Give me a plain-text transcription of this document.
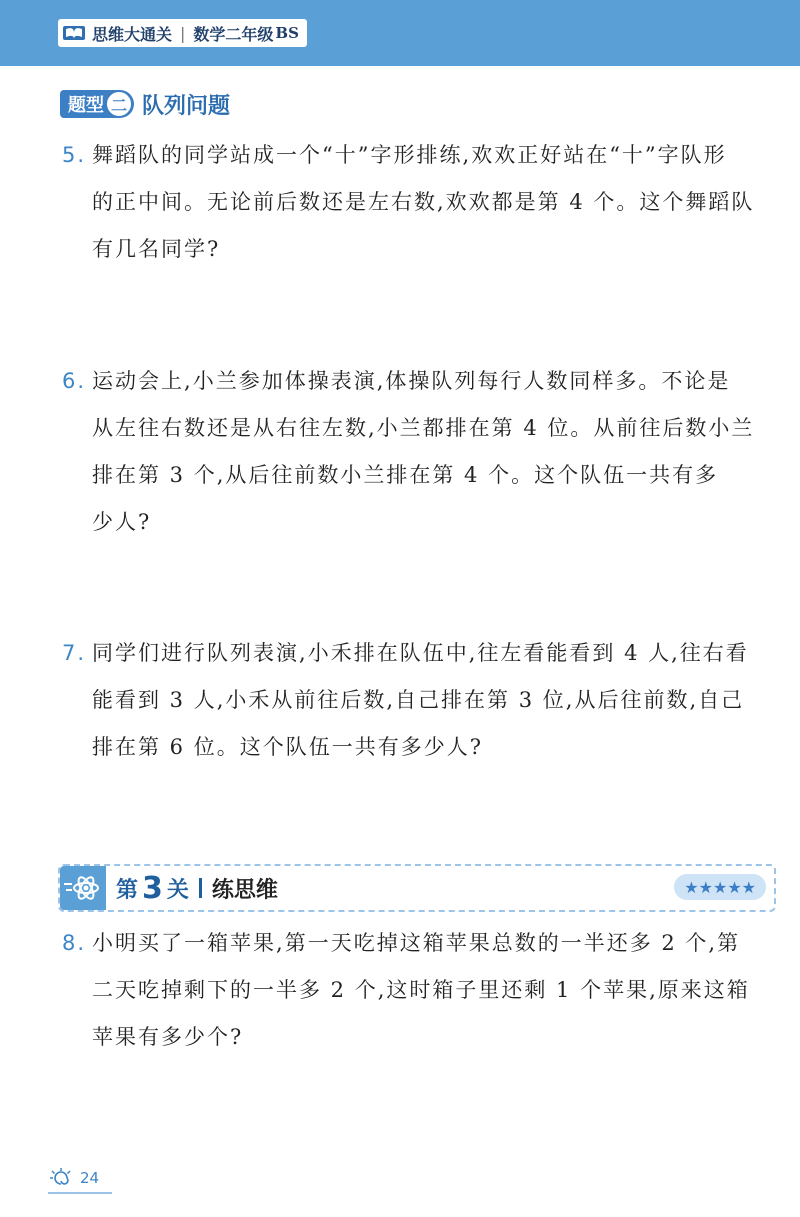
思维大通关 | 数学二年级 BS
题型 二 队列问题
5. 舞蹈队的同学站成一个“十”字形排练,欢欢正好站在“十”字队形
的正中间。无论前后数还是左右数,欢欢都是第 4 个。这个舞蹈队
有几名同学?
6. 运动会上,小兰参加体操表演,体操队列每行人数同样多。不论是
从左往右数还是从右往左数,小兰都排在第 4 位。从前往后数小兰
排在第 3 个,从后往前数小兰排在第 4 个。这个队伍一共有多
少人?
7. 同学们进行队列表演,小禾排在队伍中,往左看能看到 4 人,往右看
能看到 3 人,小禾从前往后数,自己排在第 3 位,从后往前数,自己
排在第 6 位。这个队伍一共有多少人?
第 3 关 练思维	★★★★★
8. 小明买了一箱苹果,第一天吃掉这箱苹果总数的一半还多 2 个,第
二天吃掉剩下的一半多 2 个,这时箱子里还剩 1 个苹果,原来这箱
苹果有多少个?
24
